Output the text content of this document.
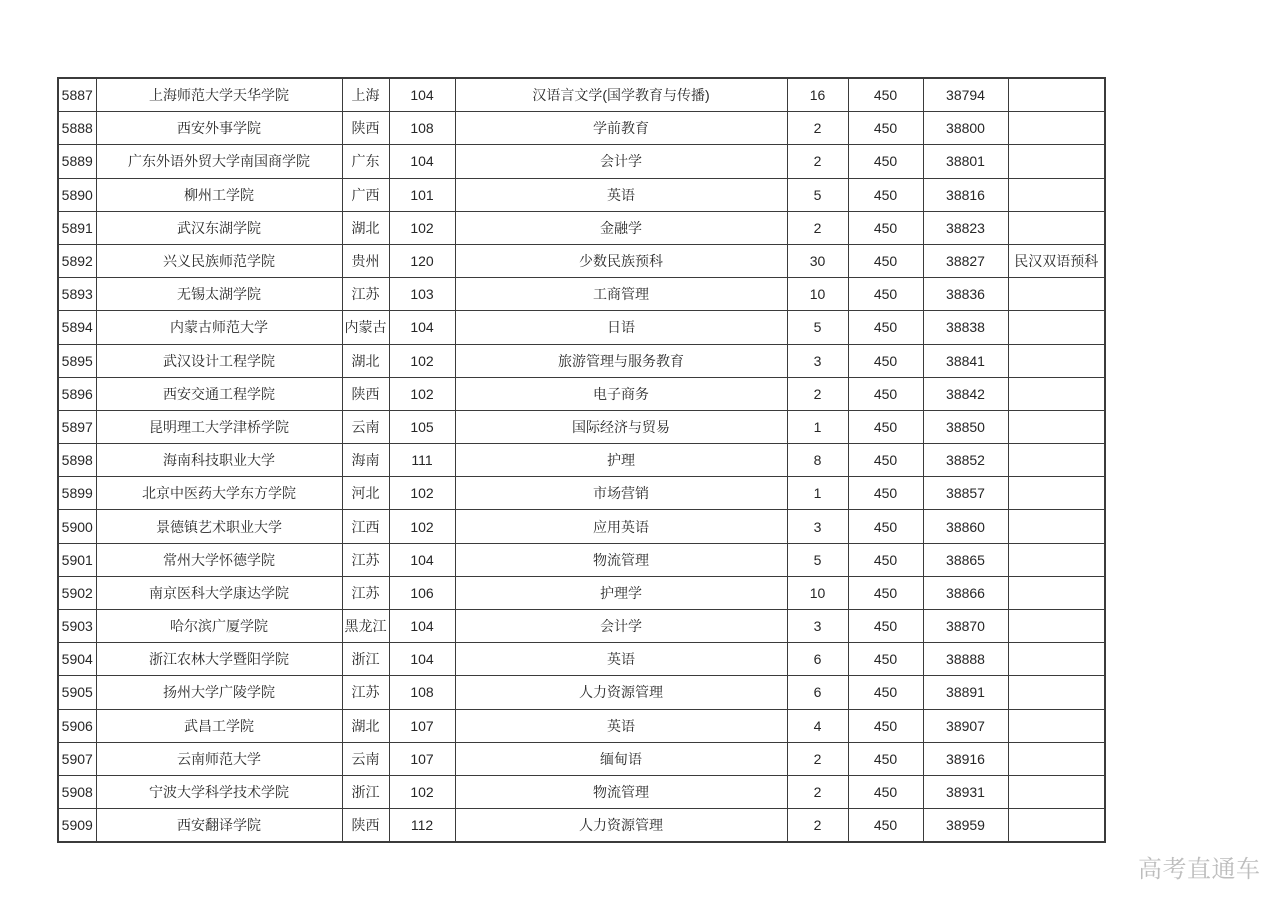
5887	上海师范大学天华学院	上海	104	汉语言文学(国学教育与传播)	16	450	38794	
5888	西安外事学院	陕西	108	学前教育	2	450	38800	
5889	广东外语外贸大学南国商学院	广东	104	会计学	2	450	38801	
5890	柳州工学院	广西	101	英语	5	450	38816	
5891	武汉东湖学院	湖北	102	金融学	2	450	38823	
5892	兴义民族师范学院	贵州	120	少数民族预科	30	450	38827	民汉双语预科
5893	无锡太湖学院	江苏	103	工商管理	10	450	38836	
5894	内蒙古师范大学	内蒙古	104	日语	5	450	38838	
5895	武汉设计工程学院	湖北	102	旅游管理与服务教育	3	450	38841	
5896	西安交通工程学院	陕西	102	电子商务	2	450	38842	
5897	昆明理工大学津桥学院	云南	105	国际经济与贸易	1	450	38850	
5898	海南科技职业大学	海南	111	护理	8	450	38852	
5899	北京中医药大学东方学院	河北	102	市场营销	1	450	38857	
5900	景德镇艺术职业大学	江西	102	应用英语	3	450	38860	
5901	常州大学怀德学院	江苏	104	物流管理	5	450	38865	
5902	南京医科大学康达学院	江苏	106	护理学	10	450	38866	
5903	哈尔滨广厦学院	黑龙江	104	会计学	3	450	38870	
5904	浙江农林大学暨阳学院	浙江	104	英语	6	450	38888	
5905	扬州大学广陵学院	江苏	108	人力资源管理	6	450	38891	
5906	武昌工学院	湖北	107	英语	4	450	38907	
5907	云南师范大学	云南	107	缅甸语	2	450	38916	
5908	宁波大学科学技术学院	浙江	102	物流管理	2	450	38931	
5909	西安翻译学院	陕西	112	人力资源管理	2	450	38959	
高考直通车
